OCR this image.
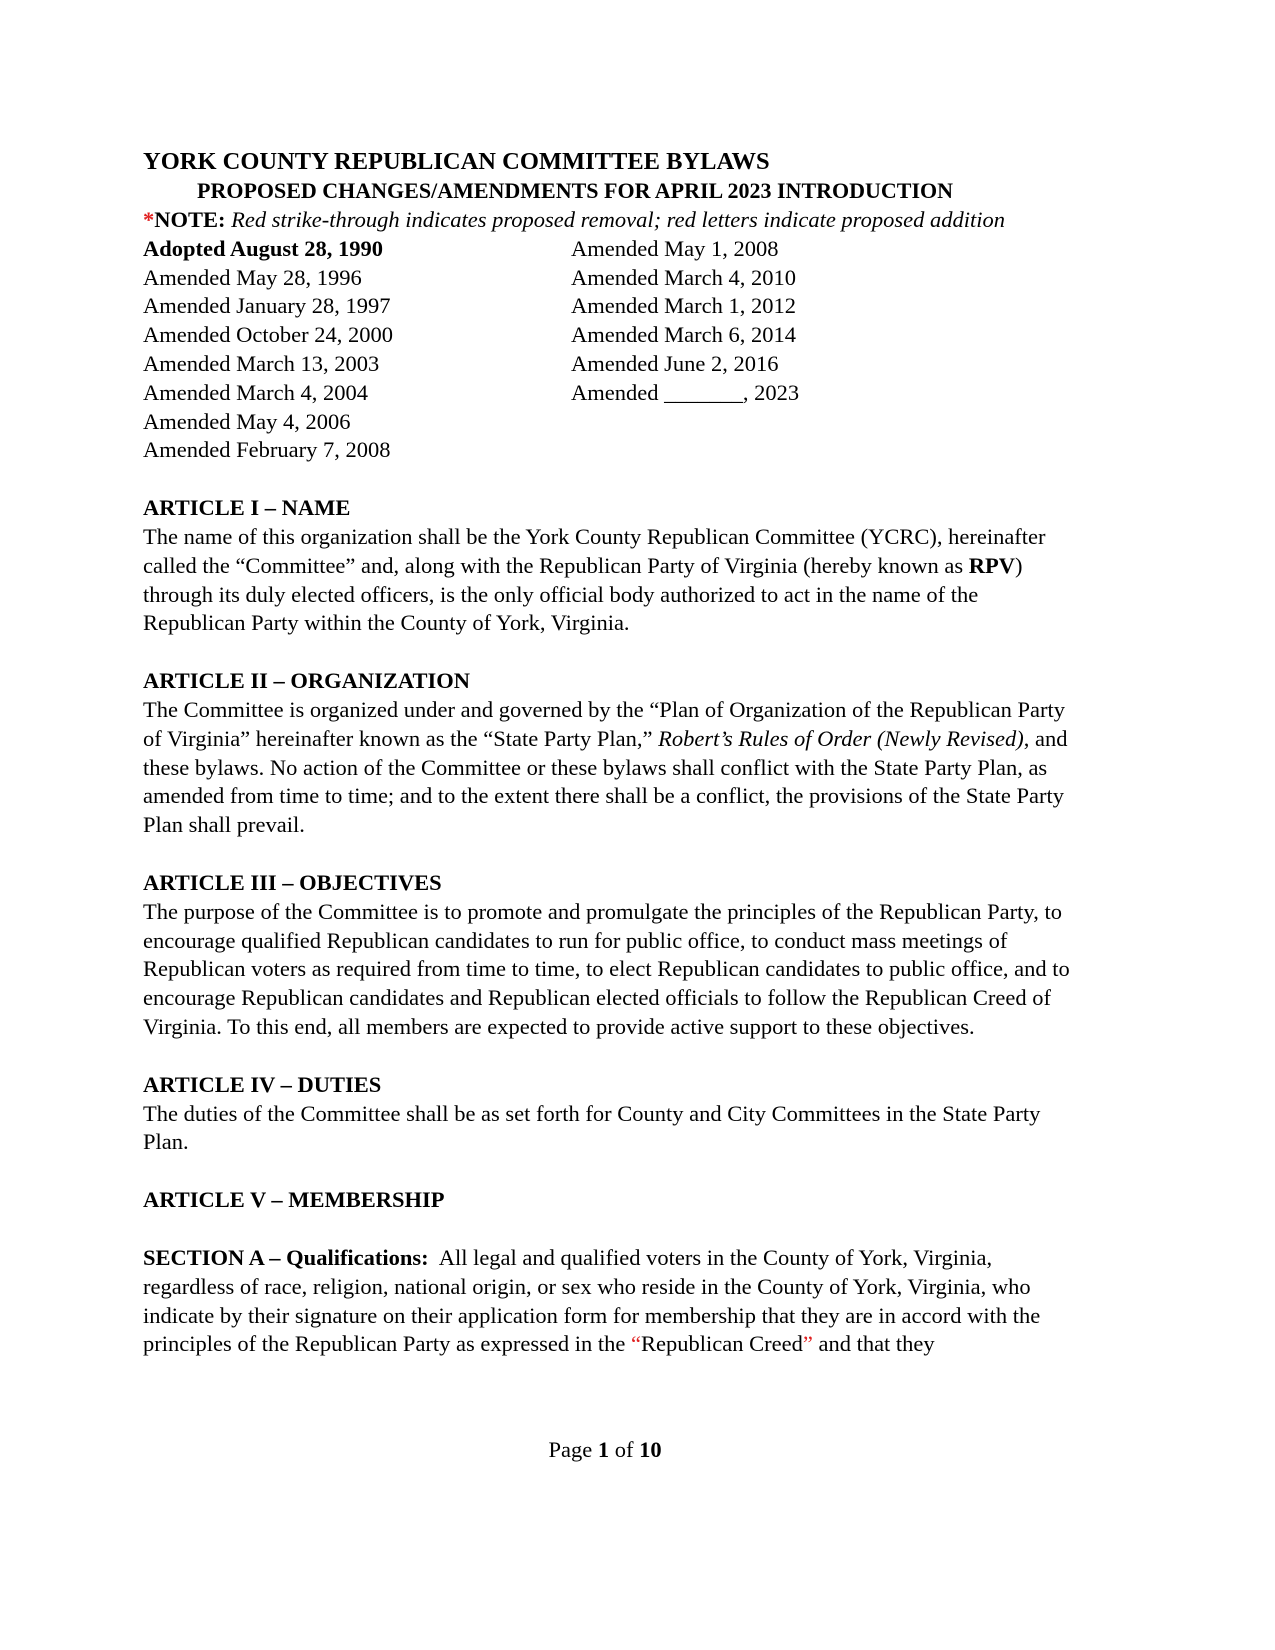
YORK COUNTY REPUBLICAN COMMITTEE BYLAWS
PROPOSED CHANGES/AMENDMENTS FOR APRIL 2023 INTRODUCTION

*NOTE: Red strike-through indicates proposed removal; red letters indicate proposed addition

Adopted August 28, 1990
Amended May 28, 1996
Amended January 28, 1997
Amended October 24, 2000
Amended March 13, 2003
Amended March 4, 2004
Amended May 4, 2006
Amended February 7, 2008
Amended May 1, 2008
Amended March 4, 2010
Amended March 1, 2012
Amended March 6, 2014
Amended June 2, 2016
Amended _______, 2023
ARTICLE I – NAME

The name of this organization shall be the York County Republican Committee (YCRC), hereinafter called the “Committee” and, along with the Republican Party of Virginia (hereby known as RPV) through its duly elected officers, is the only official body authorized to act in the name of the Republican Party within the County of York, Virginia.

ARTICLE II – ORGANIZATION

The Committee is organized under and governed by the “Plan of Organization of the Republican Party of Virginia” hereinafter known as the “State Party Plan,” Robert’s Rules of Order (Newly Revised), and these bylaws. No action of the Committee or these bylaws shall conflict with the State Party Plan, as amended from time to time; and to the extent there shall be a conflict, the provisions of the State Party Plan shall prevail.

ARTICLE III – OBJECTIVES

The purpose of the Committee is to promote and promulgate the principles of the Republican Party, to encourage qualified Republican candidates to run for public office, to conduct mass meetings of Republican voters as required from time to time, to elect Republican candidates to public office, and to encourage Republican candidates and Republican elected officials to follow the Republican Creed of Virginia. To this end, all members are expected to provide active support to these objectives.

ARTICLE IV – DUTIES

The duties of the Committee shall be as set forth for County and City Committees in the State Party Plan.

ARTICLE V – MEMBERSHIP

SECTION A – Qualifications:  All legal and qualified voters in the County of York, Virginia, regardless of race, religion, national origin, or sex who reside in the County of York, Virginia, who indicate by their signature on their application form for membership that they are in accord with the principles of the Republican Party as expressed in the “Republican Creed” and that they

Page 1 of 10
